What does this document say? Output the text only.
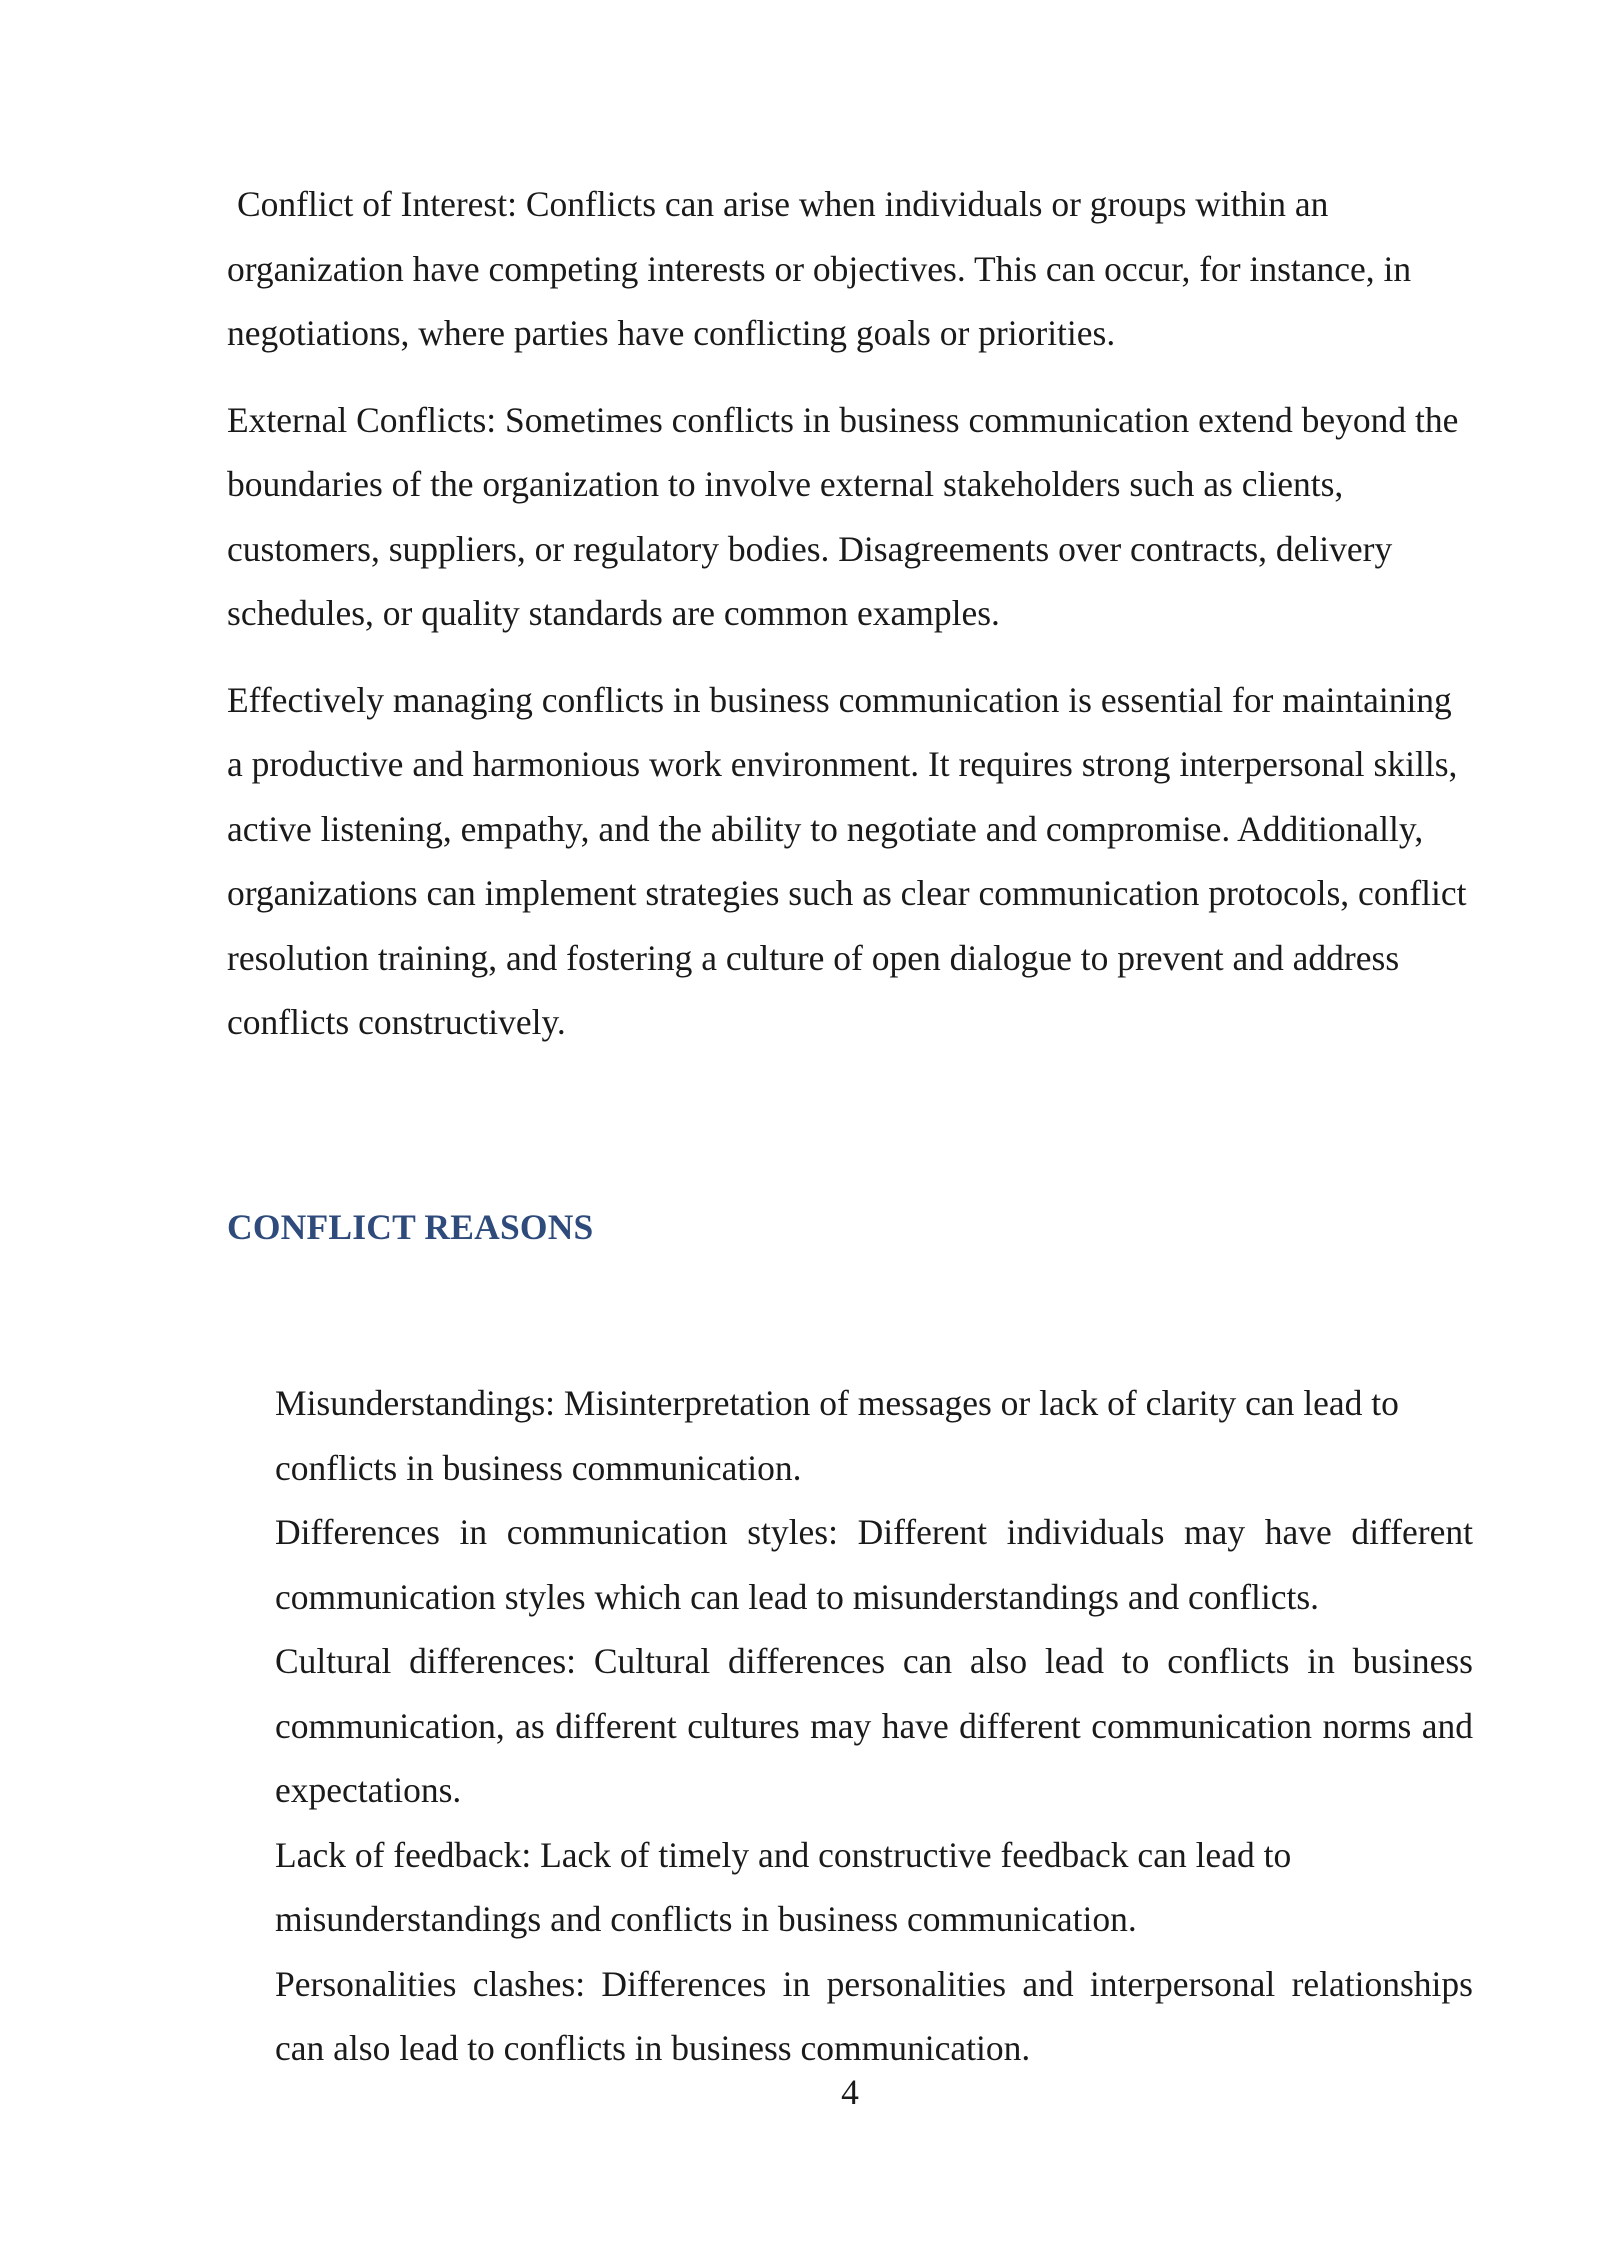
Conflict of Interest: Conflicts can arise when individuals or groups within an organization have competing interests or objectives. This can occur, for instance, in negotiations, where parties have conflicting goals or priorities.

External Conflicts: Sometimes conflicts in business communication extend beyond the boundaries of the organization to involve external stakeholders such as clients, customers, suppliers, or regulatory bodies. Disagreements over contracts, delivery schedules, or quality standards are common examples.

Effectively managing conflicts in business communication is essential for maintaining a productive and harmonious work environment. It requires strong interpersonal skills, active listening, empathy, and the ability to negotiate and compromise. Additionally, organizations can implement strategies such as clear communication protocols, conflict resolution training, and fostering a culture of open dialogue to prevent and address conflicts constructively.

CONFLICT REASONS

Misunderstandings: Misinterpretation of messages or lack of clarity can lead to conflicts in business communication.

Differences in communication styles: Different individuals may have different communication styles which can lead to misunderstandings and conflicts.

Cultural differences: Cultural differences can also lead to conflicts in business communication, as different cultures may have different communication norms and expectations.

Lack of feedback: Lack of timely and constructive feedback can lead to misunderstandings and conflicts in business communication.

Personalities clashes: Differences in personalities and interpersonal relationships can also lead to conflicts in business communication.

4
